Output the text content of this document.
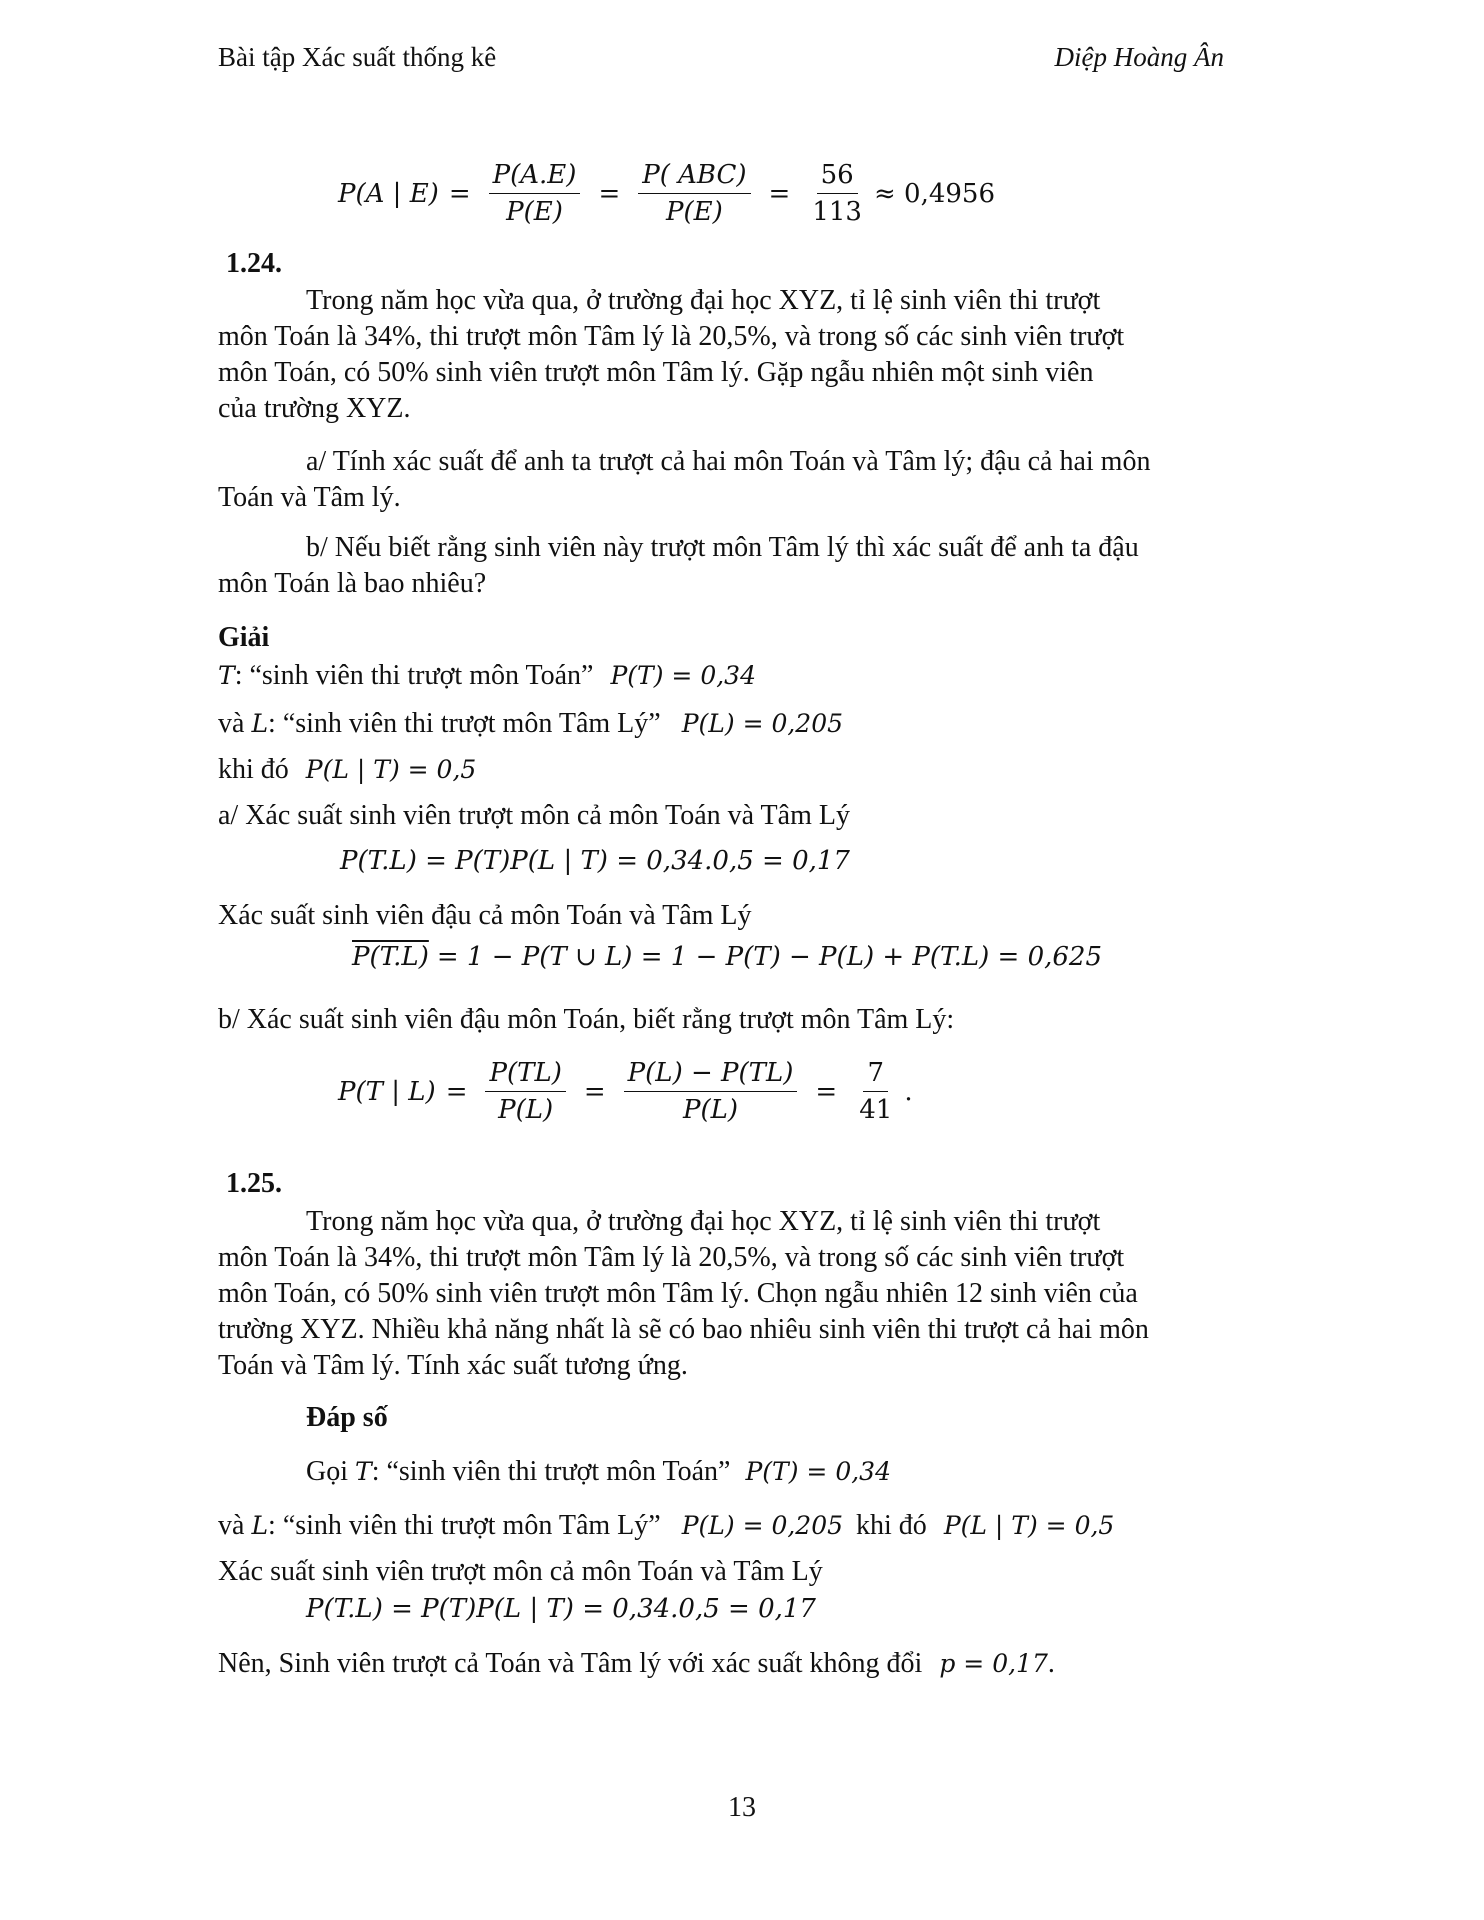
Bài tập Xác suất thống kê	Diệp Hoàng Ân
P(A | $E) = \frac{P(A.E)}{P(E)} = \frac{\text{P( ABC)}}{P(E)} = \frac{56}{113} \approx 0,4956$
1.24.
Trong năm học vừa qua, ở trường đại học XYZ, tỉ lệ sinh viên thi trượt
môn Toán là 34%, thi trượt môn Tâm lý là 20,5%, và trong số các sinh viên trượt
môn Toán, có 50% sinh viên trượt môn Tâm lý. Gặp ngẫu nhiên một sinh viên
của trường XYZ.
a/ Tính xác suất để anh ta trượt cả hai môn Toán và Tâm lý; đậu cả hai môn
Toán và Tâm lý.
b/ Nếu biết rằng sinh viên này trượt môn Tâm lý thì xác suất để anh ta đậu
môn Toán là bao nhiêu?
Giải
T: “sinh viên thi trượt môn Toán” P(T) = 0,34
và L: “sinh viên thi trượt môn Tâm Lý” P(L) = 0,205
khi đó P(L | T) = 0,5
a/ Xác suất sinh viên trượt môn cả môn Toán và Tâm Lý
P(T.L) = P(T)P(L | T) = 0,34.0,5 = 0,17
Xác suất sinh viên đậu cả môn Toán và Tâm Lý
P(T.L) = 1 − P(T ∪ L) = 1 − P(T) − P(L) + P(T.L) = 0,625
b/ Xác suất sinh viên đậu môn Toán, biết rằng trượt môn Tâm Lý:
P(T | $L) = \frac{P(TL)}{P(L)} = \frac{P(L) - P(TL)}{P(L)} = \frac{7}{41}$ .
1.25.
Trong năm học vừa qua, ở trường đại học XYZ, tỉ lệ sinh viên thi trượt
môn Toán là 34%, thi trượt môn Tâm lý là 20,5%, và trong số các sinh viên trượt
môn Toán, có 50% sinh viên trượt môn Tâm lý. Chọn ngẫu nhiên 12 sinh viên của
trường XYZ. Nhiều khả năng nhất là sẽ có bao nhiêu sinh viên thi trượt cả hai môn
Toán và Tâm lý. Tính xác suất tương ứng.
Đáp số
Gọi T: “sinh viên thi trượt môn Toán” P(T) = 0,34
và L: “sinh viên thi trượt môn Tâm Lý” P(L) = 0,205 khi đó P(L | T) = 0,5
Xác suất sinh viên trượt môn cả môn Toán và Tâm Lý
P(T.L) = P(T)P(L | T) = 0,34.0,5 = 0,17
Nên, Sinh viên trượt cả Toán và Tâm lý với xác suất không đổi p = 0,17.
13
